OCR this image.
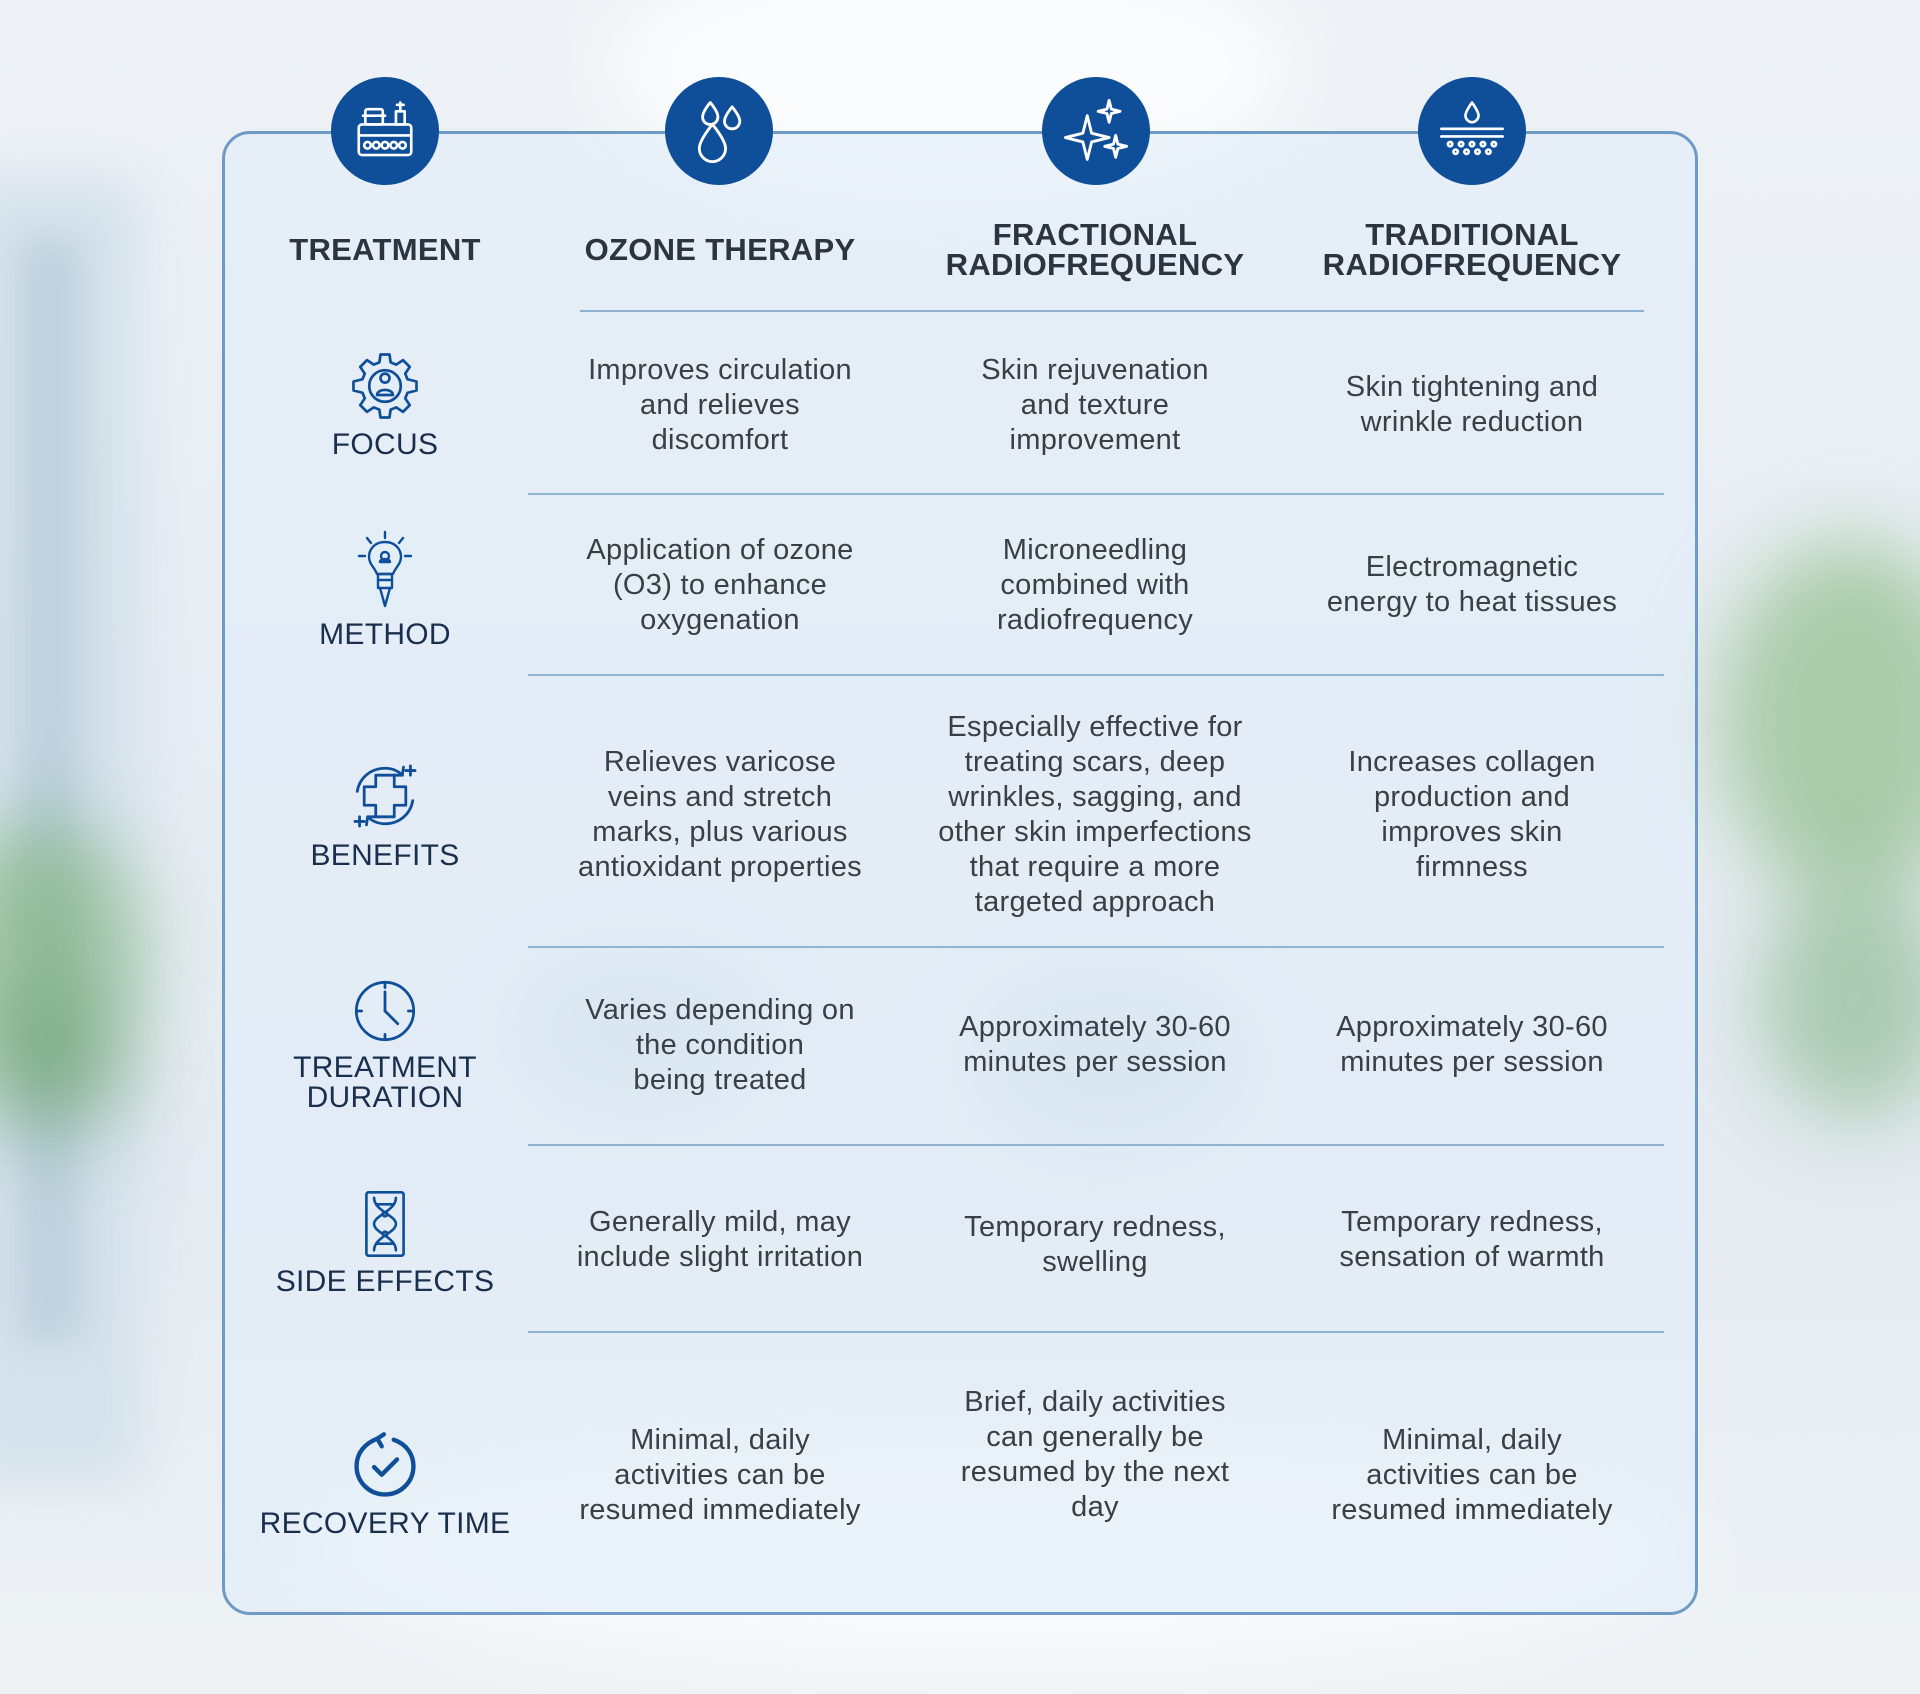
TREATMENT	OZONE THERAPY	FRACTIONAL
RADIOFREQUENCY
TRADITIONAL
RADIOFREQUENCY
FOCUS
Improves circulation
and relieves
discomfort
Skin rejuvenation
and texture
improvement
Skin tightening and
wrinkle reduction
METHOD
Application of ozone
(O3) to enhance
oxygenation
Microneedling
combined with
radiofrequency
Electromagnetic
energy to heat tissues
BENEFITS
Relieves varicose
veins and stretch
marks, plus various
antioxidant properties
Especially effective for
treating scars, deep
wrinkles, sagging, and
other skin imperfections
that require a more
targeted approach
Increases collagen
production and
improves skin
firmness
TREATMENT
DURATION
Varies depending on
the condition
being treated
Approximately 30-60
minutes per session
Approximately 30-60
minutes per session
SIDE EFFECTS
Generally mild, may
include slight irritation
Temporary redness,
swelling
Temporary redness,
sensation of warmth
RECOVERY TIME
Minimal, daily
activities can be
resumed immediately
Brief, daily activities
can generally be
resumed by the next
day
Minimal, daily
activities can be
resumed immediately
